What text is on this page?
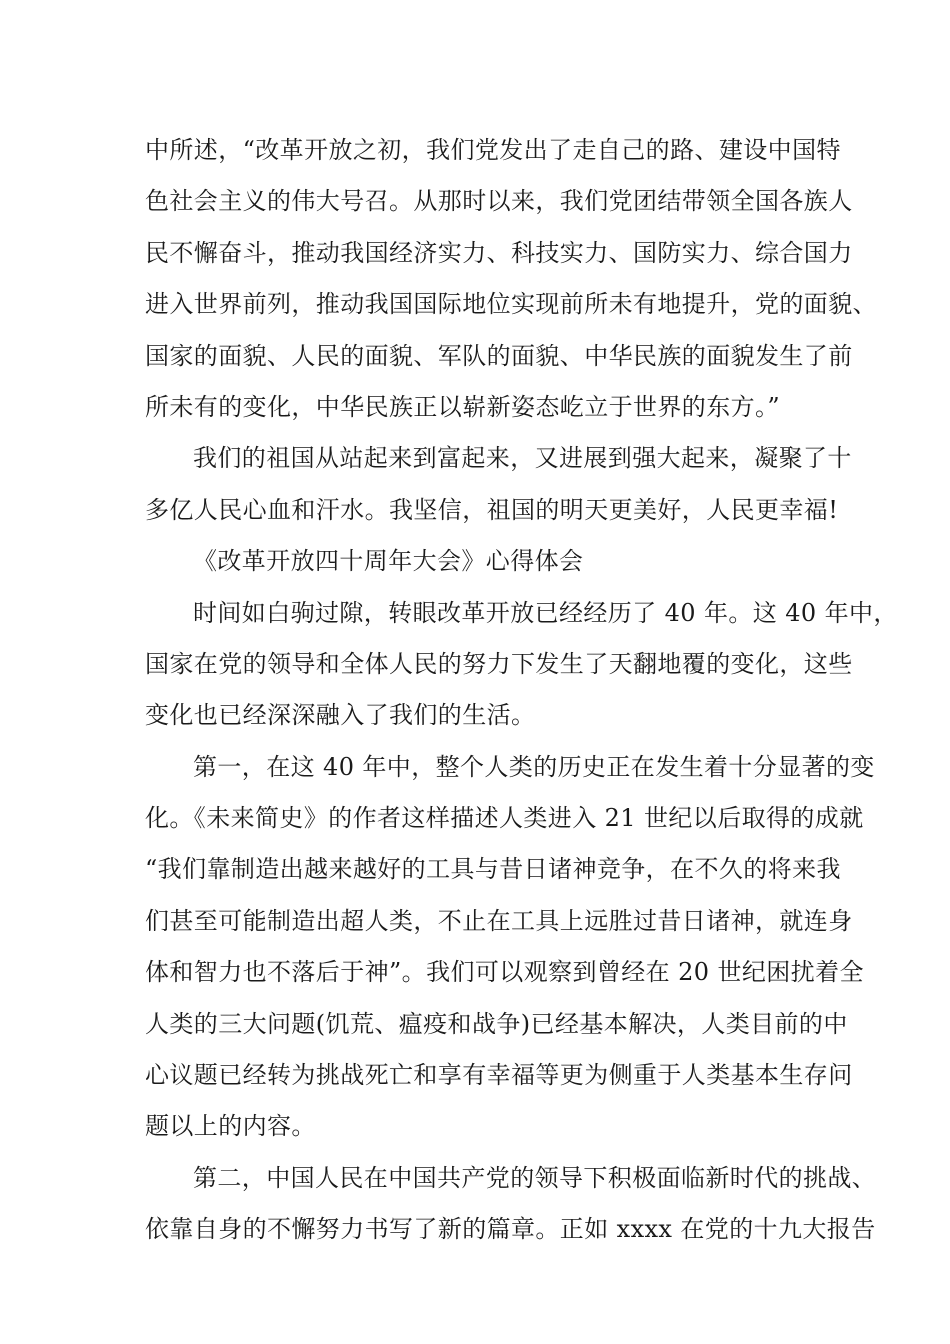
中所述，“改革开放之初，我们党发出了走自己的路、建设中国特
色社会主义的伟大号召。从那时以来，我们党团结带领全国各族人
民不懈奋斗，推动我国经济实力、科技实力、国防实力、综合国力
进入世界前列，推动我国国际地位实现前所未有地提升，党的面貌、
国家的面貌、人民的面貌、军队的面貌、中华民族的面貌发生了前
所未有的变化，中华民族正以崭新姿态屹立于世界的东方。”
我们的祖国从站起来到富起来，又进展到强大起来，凝聚了十
多亿人民心血和汗水。我坚信，祖国的明天更美好，人民更幸福!
《改革开放四十周年大会》心得体会
时间如白驹过隙，转眼改革开放已经经历了 40 年。这 40 年中，
国家在党的领导和全体人民的努力下发生了天翻地覆的变化，这些
变化也已经深深融入了我们的生活。
第一，在这 40 年中，整个人类的历史正在发生着十分显著的变
化。《未来简史》的作者这样描述人类进入 21 世纪以后取得的成就
“我们靠制造出越来越好的工具与昔日诸神竞争，在不久的将来我
们甚至可能制造出超人类，不止在工具上远胜过昔日诸神，就连身
体和智力也不落后于神”。我们可以观察到曾经在 20 世纪困扰着全
人类的三大问题(饥荒、瘟疫和战争)已经基本解决，人类目前的中
心议题已经转为挑战死亡和享有幸福等更为侧重于人类基本生存问
题以上的内容。
第二，中国人民在中国共产党的领导下积极面临新时代的挑战、
依靠自身的不懈努力书写了新的篇章。正如 xxxx 在党的十九大报告
